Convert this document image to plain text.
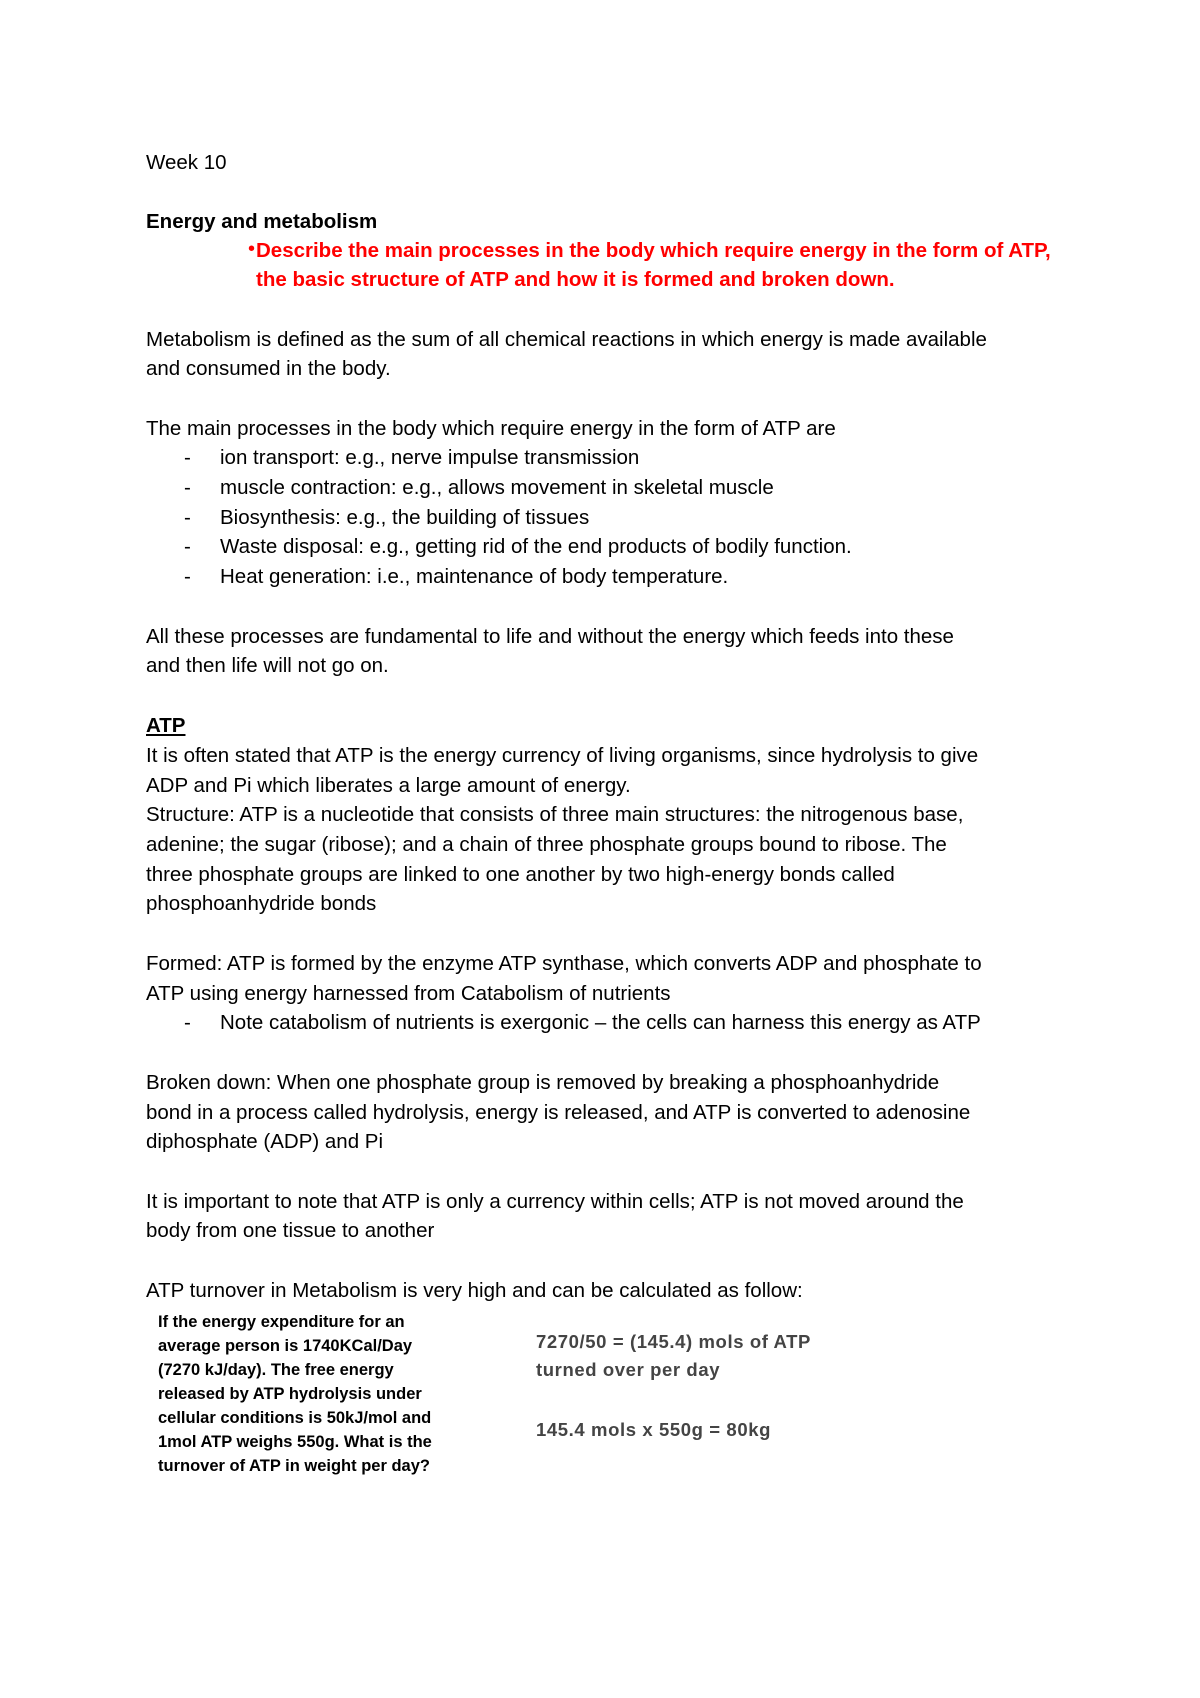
Week 10
Energy and metabolism
• Describe the main processes in the body which require energy in the form of ATP,
the basic structure of ATP and how it is formed and broken down.
Metabolism is defined as the sum of all chemical reactions in which energy is made available
and consumed in the body.
The main processes in the body which require energy in the form of ATP are
- ion transport: e.g., nerve impulse transmission
- muscle contraction: e.g., allows movement in skeletal muscle
- Biosynthesis: e.g., the building of tissues
- Waste disposal: e.g., getting rid of the end products of bodily function.
- Heat generation: i.e., maintenance of body temperature.
All these processes are fundamental to life and without the energy which feeds into these
and then life will not go on.
ATP
It is often stated that ATP is the energy currency of living organisms, since hydrolysis to give
ADP and Pi which liberates a large amount of energy.
Structure: ATP is a nucleotide that consists of three main structures: the nitrogenous base,
adenine; the sugar (ribose); and a chain of three phosphate groups bound to ribose. The
three phosphate groups are linked to one another by two high-energy bonds called
phosphoanhydride bonds
Formed: ATP is formed by the enzyme ATP synthase, which converts ADP and phosphate to
ATP using energy harnessed from Catabolism of nutrients
- Note catabolism of nutrients is exergonic – the cells can harness this energy as ATP
Broken down: When one phosphate group is removed by breaking a phosphoanhydride
bond in a process called hydrolysis, energy is released, and ATP is converted to adenosine
diphosphate (ADP) and Pi
It is important to note that ATP is only a currency within cells; ATP is not moved around the
body from one tissue to another
ATP turnover in Metabolism is very high and can be calculated as follow:
If the energy expenditure for an
average person is 1740KCal/Day
(7270 kJ/day). The free energy
released by ATP hydrolysis under
cellular conditions is 50kJ/mol and
1mol ATP weighs 550g. What is the
turnover of ATP in weight per day?
7270/50 = (145.4) mols of ATP
turned over per day
145.4 mols x 550g = 80kg
